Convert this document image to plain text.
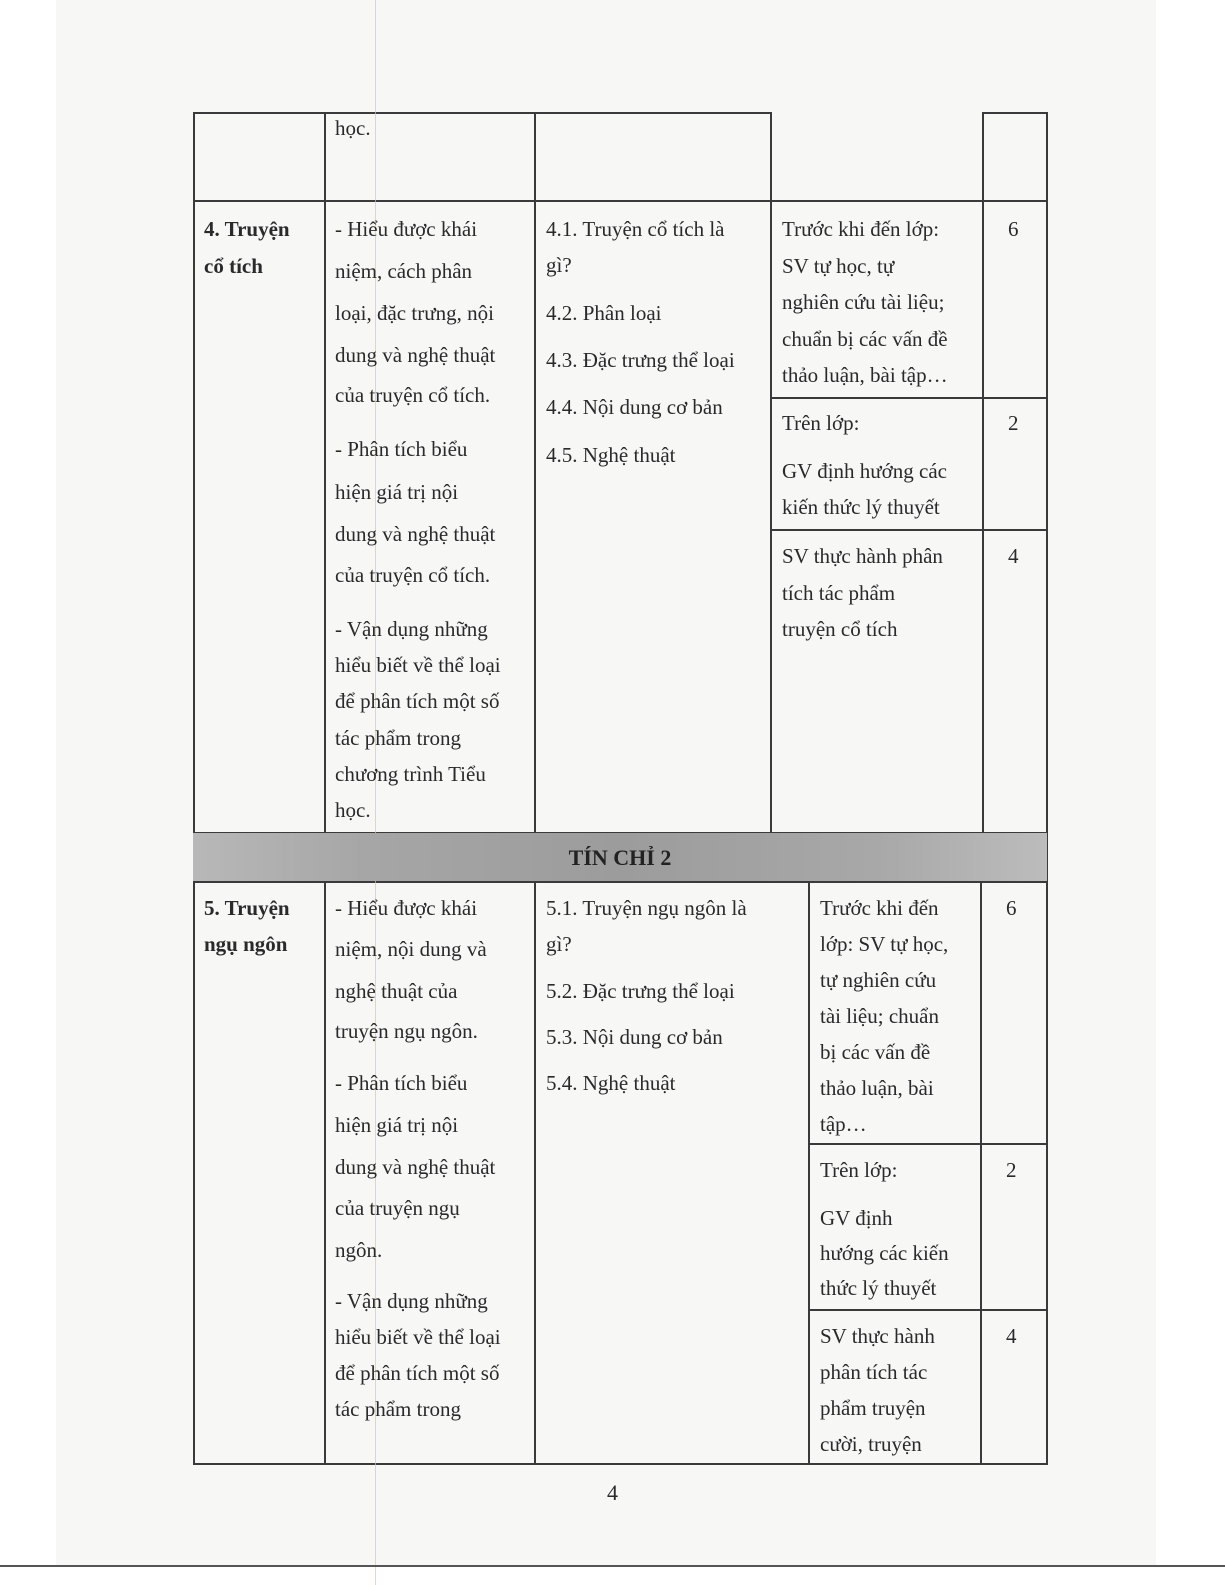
học.
4. Truyện
cổ tích
- Hiểu được khái
niệm, cách phân
loại, đặc trưng, nội
dung và nghệ thuật
của truyện cổ tích.
- Phân tích biểu
hiện giá trị nội
dung và nghệ thuật
của truyện cổ tích.
- Vận dụng những
hiểu biết về thể loại
để phân tích một số
tác phẩm trong
chương trình Tiểu
học.
4.1. Truyện cổ tích là
gì?
4.2. Phân loại
4.3. Đặc trưng thể loại
4.4. Nội dung cơ bản
4.5. Nghệ thuật
Trước khi đến lớp:
SV tự học, tự
nghiên cứu tài liệu;
chuẩn bị các vấn đề
thảo luận, bài tập…
6
Trên lớp:
GV định hướng các
kiến thức lý thuyết
2
SV thực hành phân
tích tác phẩm
truyện cổ tích
4
TÍN CHỈ 2
5. Truyện
ngụ ngôn
- Hiểu được khái
niệm, nội dung và
nghệ thuật của
truyện ngụ ngôn.
- Phân tích biểu
hiện giá trị nội
dung và nghệ thuật
của truyện ngụ
ngôn.
- Vận dụng những
hiểu biết về thể loại
để phân tích một số
tác phẩm trong
5.1. Truyện ngụ ngôn là
gì?
5.2. Đặc trưng thể loại
5.3. Nội dung cơ bản
5.4. Nghệ thuật
Trước khi đến
lớp: SV tự học,
tự nghiên cứu
tài liệu; chuẩn
bị các vấn đề
thảo luận, bài
tập…
6
Trên lớp:
GV định
hướng các kiến
thức lý thuyết
2
SV thực hành
phân tích tác
phẩm truyện
cười, truyện
4
4
